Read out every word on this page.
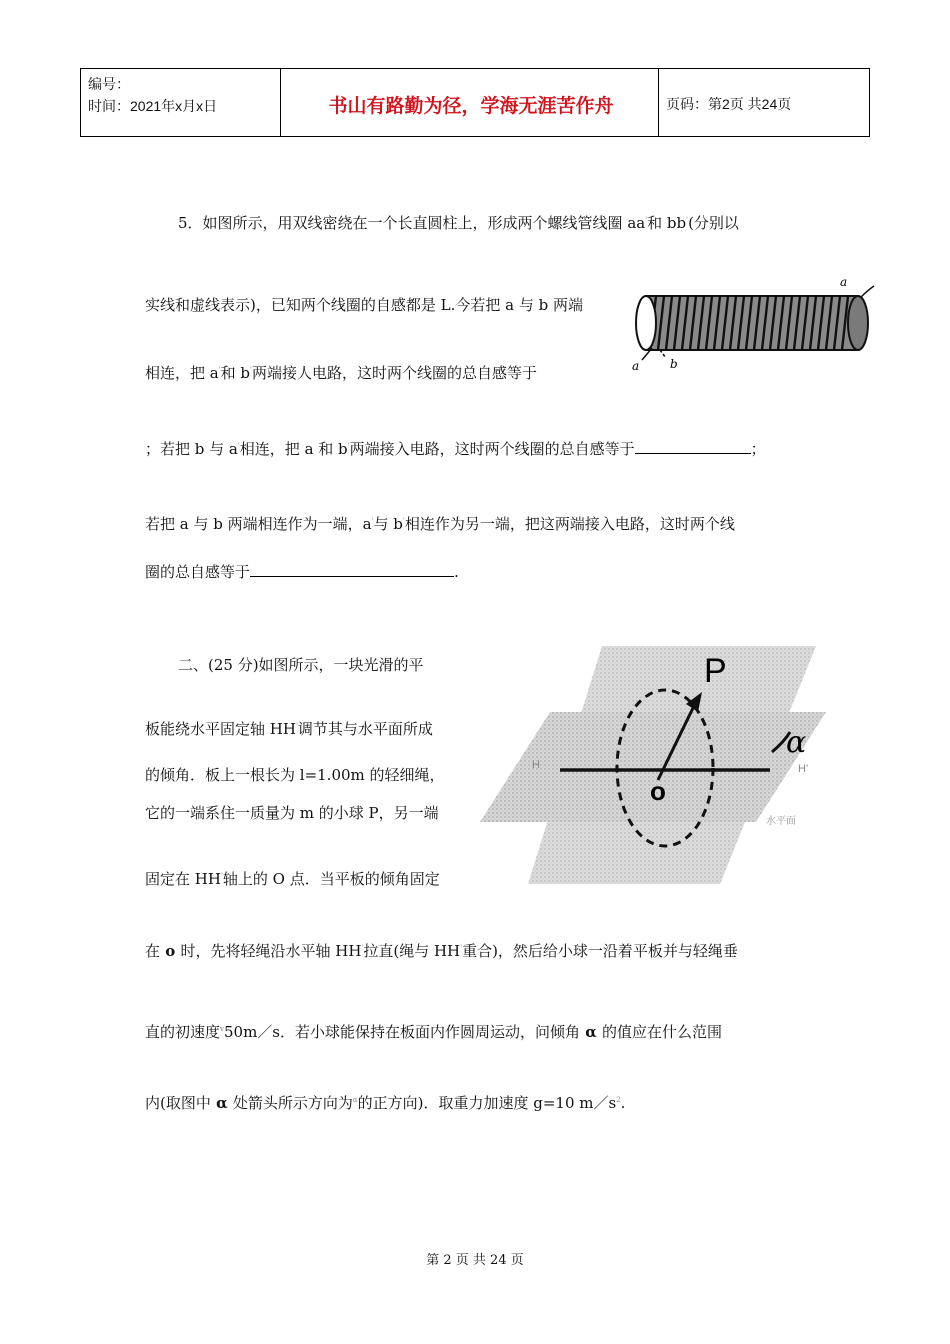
编号：
时间：2021年x月x日	书山有路勤为径，学海无涯苦作舟	页码：第2页 共24页
5．如图所示，用双线密绕在一个长直圆柱上，形成两个螺线管线圈 aa'和 bb'(分别以
实线和虚线表示)，已知两个线圈的自感都是 L.今若把 a 与 b 两端
相连，把 a'和 b'两端接人电路，这时两个线圈的总自感等于
a
a	b
；若把 b 与 a'相连，把 a 和 b'两端接入电路，这时两个线圈的总自感等于	；
若把 a 与 b 两端相连作为一端，a'与 b'相连作为另一端，把这两端接入电路，这时两个线
圈的总自感等于	.
二、(25 分)如图所示，一块光滑的平
板能绕水平固定轴 HH'调节其与水平面所成
的倾角．板上一根长为 l=1.00m 的轻细绳，
它的一端系住一质量为 m 的小球 P，另一端
固定在 HH'轴上的 O 点．当平板的倾角固定
P
o
α
H	H'
水平面
在 o 时，先将轻绳沿水平轴 HH'拉直(绳与 HH'重合)，然后给小球一沿着平板并与轻绳垂
直的初速度$^v$50m／s．若小球能保持在板面内作圆周运动，问倾角 α 的值应在什么范围
内(取图中 α 处箭头所示方向为$^\alpha$的正方向)．取重力加速度 g=10 $m/s^2$.
第 2 页 共 24 页
